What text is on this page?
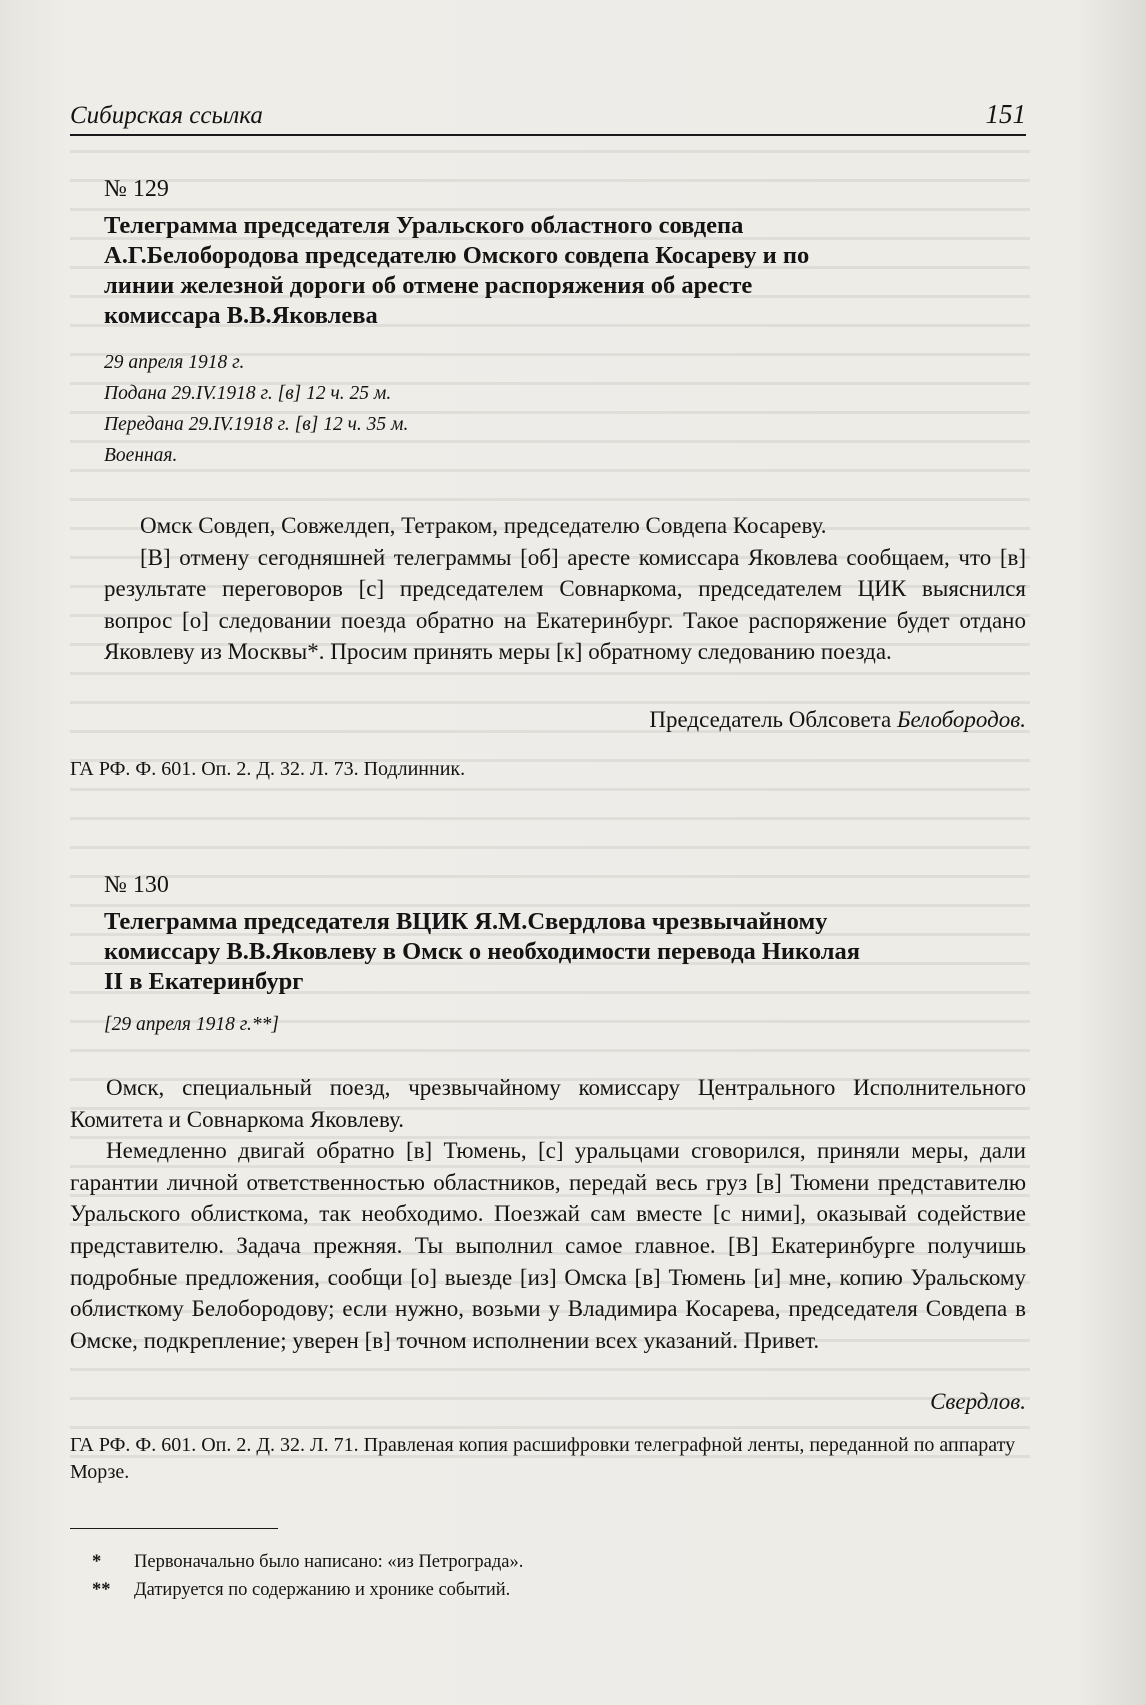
Сибирская ссылка	151
№ 129
Телеграмма председателя Уральского областного совдепа А.Г.Белобородова председателю Омского совдепа Косареву и по линии железной дороги об отмене распоряжения об аресте комиссара В.В.Яковлева
29 апреля 1918 г.
Подана 29.IV.1918 г. [в] 12 ч. 25 м.
Передана 29.IV.1918 г. [в] 12 ч. 35 м.
Военная.

Омск Совдеп, Совжелдеп, Тетраком, председателю Совдепа Косареву.

[В] отмену сегодняшней телеграммы [об] аресте комиссара Яковлева сообщаем, что [в] результате переговоров [с] председателем Совнаркома, председателем ЦИК выяснился вопрос [о] следовании поезда обратно на Екатеринбург. Такое распоряжение будет отдано Яковлеву из Москвы*. Просим принять меры [к] обратному следованию поезда.

Председатель Облсовета Белобородов.
ГА РФ. Ф. 601. Оп. 2. Д. 32. Л. 73. Подлинник.
№ 130
Телеграмма председателя ВЦИК Я.М.Свердлова чрезвычайному комиссару В.В.Яковлеву в Омск о необходимости перевода Николая II в Екатеринбург
[29 апреля 1918 г.**]

Омск, специальный поезд, чрезвычайному комиссару Центрального Исполнительного Комитета и Совнаркома Яковлеву.

Немедленно двигай обратно [в] Тюмень, [с] уральцами сговорился, приняли меры, дали гарантии личной ответственностью областников, передай весь груз [в] Тюмени представителю Уральского облисткома, так необходимо. Поезжай сам вместе [с ними], оказывай содействие представителю. Задача прежняя. Ты выполнил самое главное. [В] Екатеринбурге получишь подробные предложения, сообщи [о] выезде [из] Омска [в] Тюмень [и] мне, копию Уральскому облисткому Белобородову; если нужно, возьми у Владимира Косарева, председателя Совдепа в Омске, подкрепление; уверен [в] точном исполнении всех указаний. Привет.

Свердлов.
ГА РФ. Ф. 601. Оп. 2. Д. 32. Л. 71. Правленая копия расшифровки телеграфной ленты, переданной по аппарату Морзе.
*	Первоначально было написано: «из Петрограда».
**	Датируется по содержанию и хронике событий.
